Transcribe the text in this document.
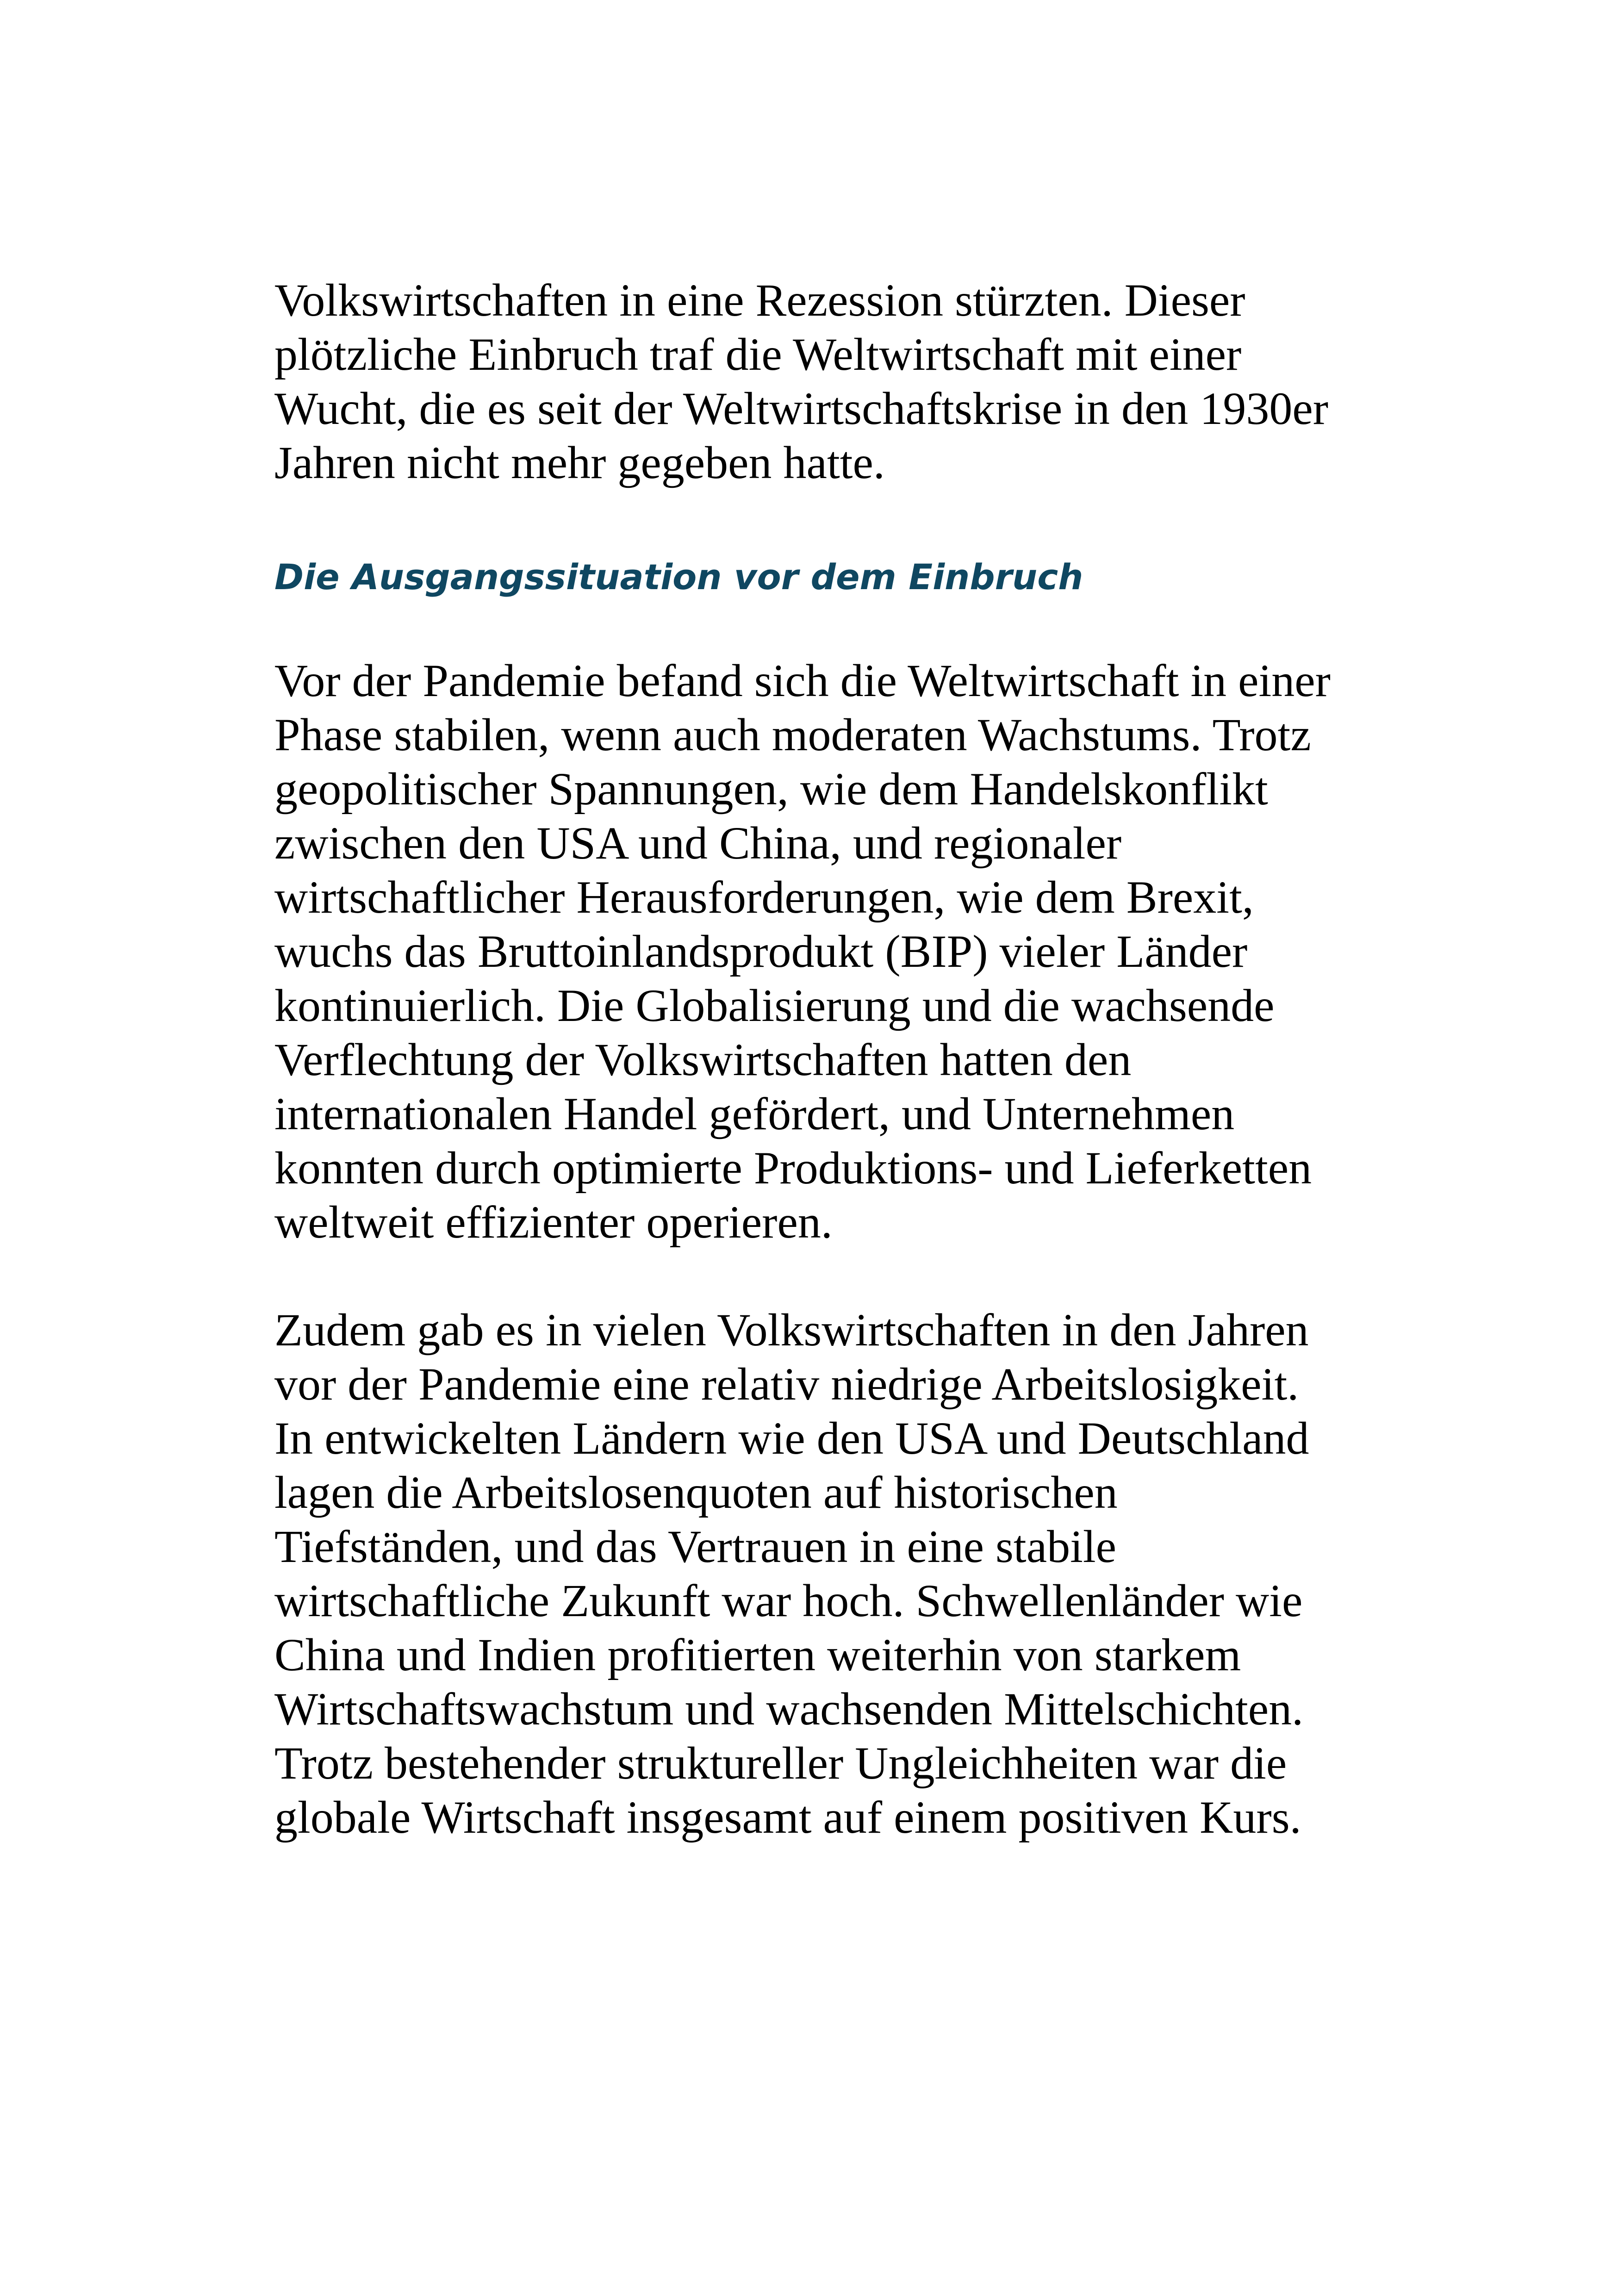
Volkswirtschaften in eine Rezession stürzten. Dieser
plötzliche Einbruch traf die Weltwirtschaft mit einer
Wucht, die es seit der Weltwirtschaftskrise in den 1930er
Jahren nicht mehr gegeben hatte.

Die Ausgangssituation vor dem Einbruch

Vor der Pandemie befand sich die Weltwirtschaft in einer
Phase stabilen, wenn auch moderaten Wachstums. Trotz
geopolitischer Spannungen, wie dem Handelskonflikt
zwischen den USA und China, und regionaler
wirtschaftlicher Herausforderungen, wie dem Brexit,
wuchs das Bruttoinlandsprodukt (BIP) vieler Länder
kontinuierlich. Die Globalisierung und die wachsende
Verflechtung der Volkswirtschaften hatten den
internationalen Handel gefördert, und Unternehmen
konnten durch optimierte Produktions- und Lieferketten
weltweit effizienter operieren.

Zudem gab es in vielen Volkswirtschaften in den Jahren
vor der Pandemie eine relativ niedrige Arbeitslosigkeit.
In entwickelten Ländern wie den USA und Deutschland
lagen die Arbeitslosenquoten auf historischen
Tiefständen, und das Vertrauen in eine stabile
wirtschaftliche Zukunft war hoch. Schwellenländer wie
China und Indien profitierten weiterhin von starkem
Wirtschaftswachstum und wachsenden Mittelschichten.
Trotz bestehender struktureller Ungleichheiten war die
globale Wirtschaft insgesamt auf einem positiven Kurs.
